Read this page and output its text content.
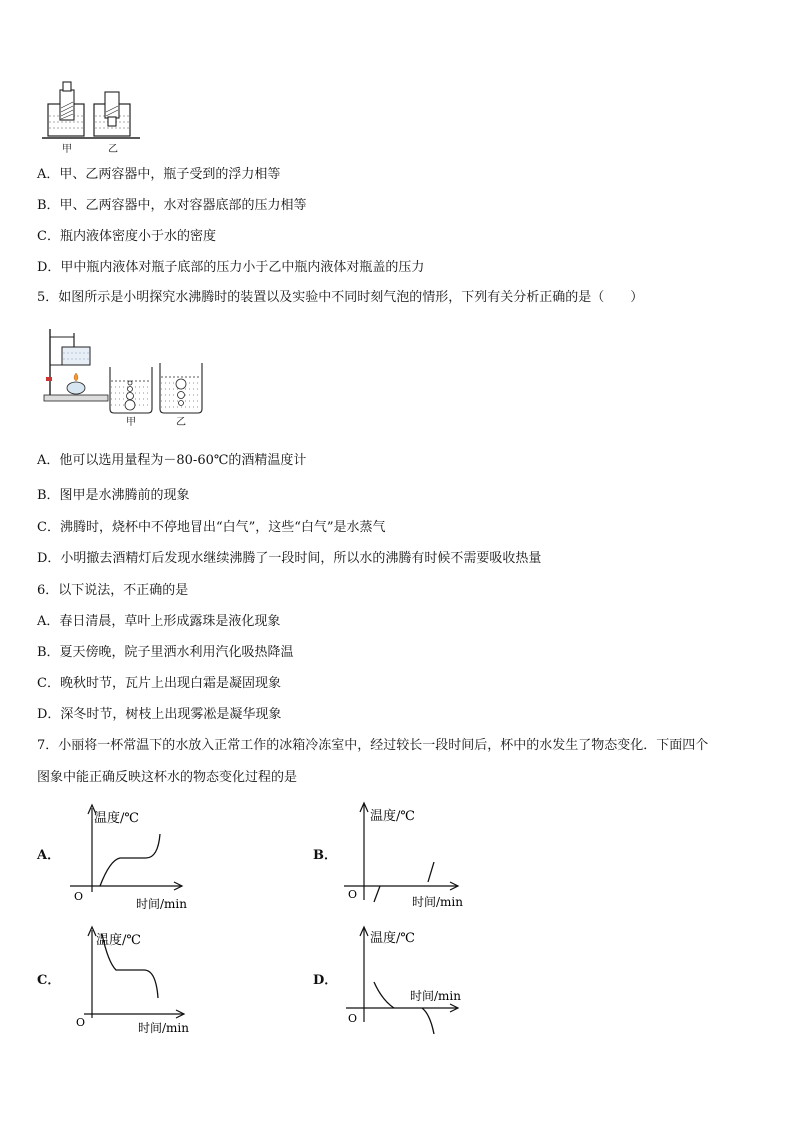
甲	乙
A．甲、乙两容器中，瓶子受到的浮力相等
B．甲、乙两容器中，水对容器底部的压力相等
C．瓶内液体密度小于水的密度
D．甲中瓶内液体对瓶子底部的压力小于乙中瓶内液体对瓶盖的压力
5．如图所示是小明探究水沸腾时的装置以及实验中不同时刻气泡的情形，下列有关分析正确的是（　　）
甲	乙
A．他可以选用量程为－80-60℃的酒精温度计
B．图甲是水沸腾前的现象
C．沸腾时，烧杯中不停地冒出“白气”，这些“白气”是水蒸气
D．小明撤去酒精灯后发现水继续沸腾了一段时间，所以水的沸腾有时候不需要吸收热量
6．以下说法，不正确的是
A．春日清晨，草叶上形成露珠是液化现象
B．夏天傍晚，院子里洒水利用汽化吸热降温
C．晚秋时节，瓦片上出现白霜是凝固现象
D．深冬时节，树枝上出现雾凇是凝华现象
7．小丽将一杯常温下的水放入正常工作的冰箱冷冻室中，经过较长一段时间后，杯中的水发生了物态变化．下面四个
图象中能正确反映这杯水的物态变化过程的是
A．
温度/℃
时间/min
O
B．
温度/℃
时间/min
O
C．
温度/℃
时间/min
O
D．
温度/℃
时间/min
O
